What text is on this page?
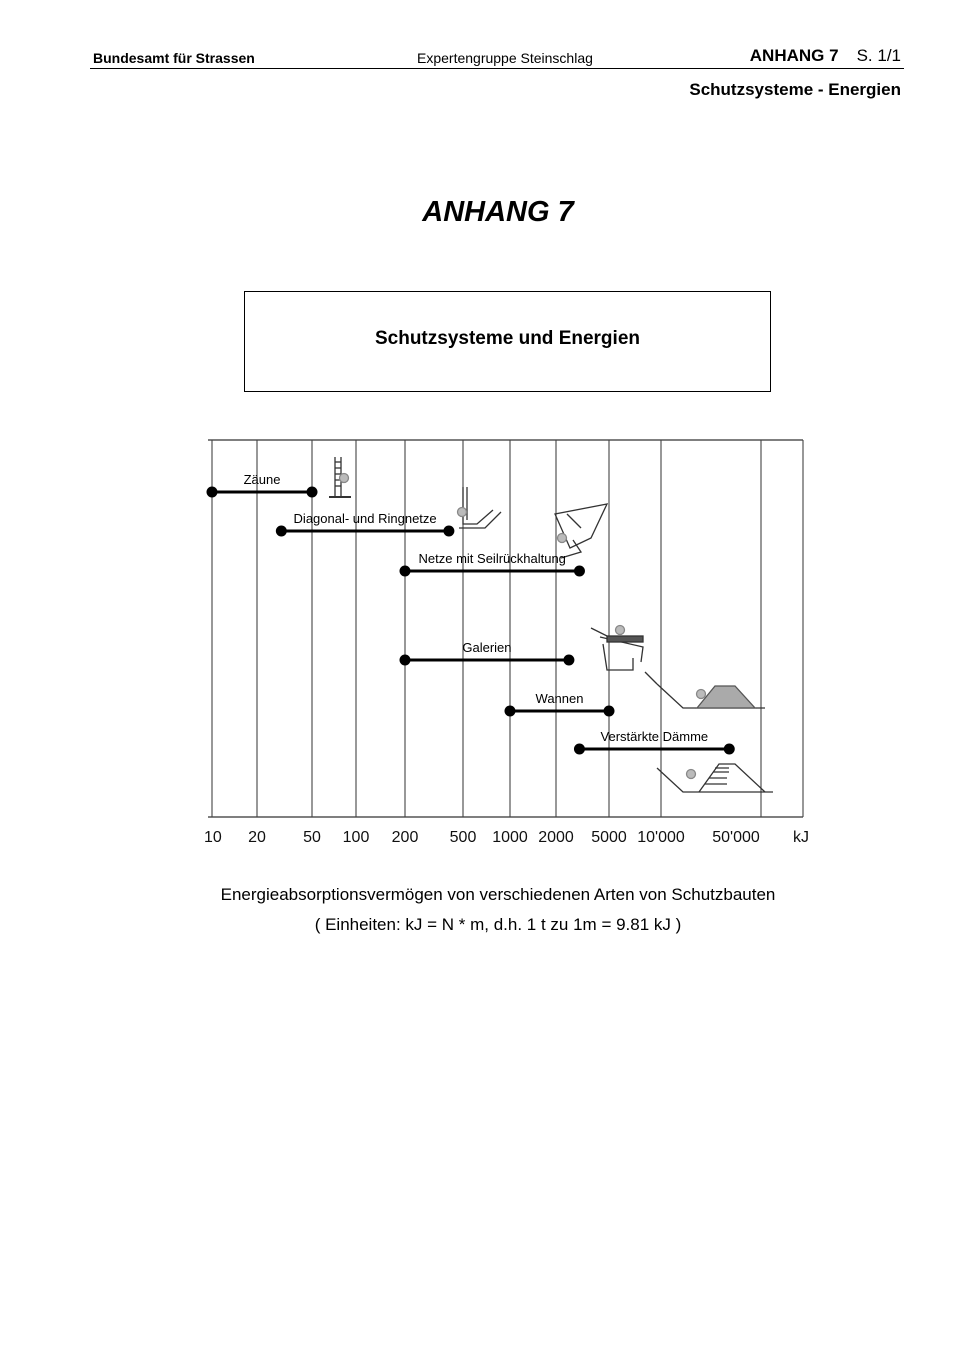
Bundesamt für Strassen	Expertengruppe Steinschlag	ANHANG 7 S. 1/1
Schutzsysteme - Energien
ANHANG 7
Schutzsysteme und Energien
Zäune
Diagonal- und Ringnetze
Netze mit Seilrückhaltung
Galerien
Wannen
Verstärkte Dämme
10 20 50 100 200 500 1000 2000 5000 10'000 50'000 kJ
Energieabsorptionsvermögen von verschiedenen Arten von Schutzbauten
( Einheiten: kJ = N * m, d.h. 1 t zu 1m = 9.81 kJ )
